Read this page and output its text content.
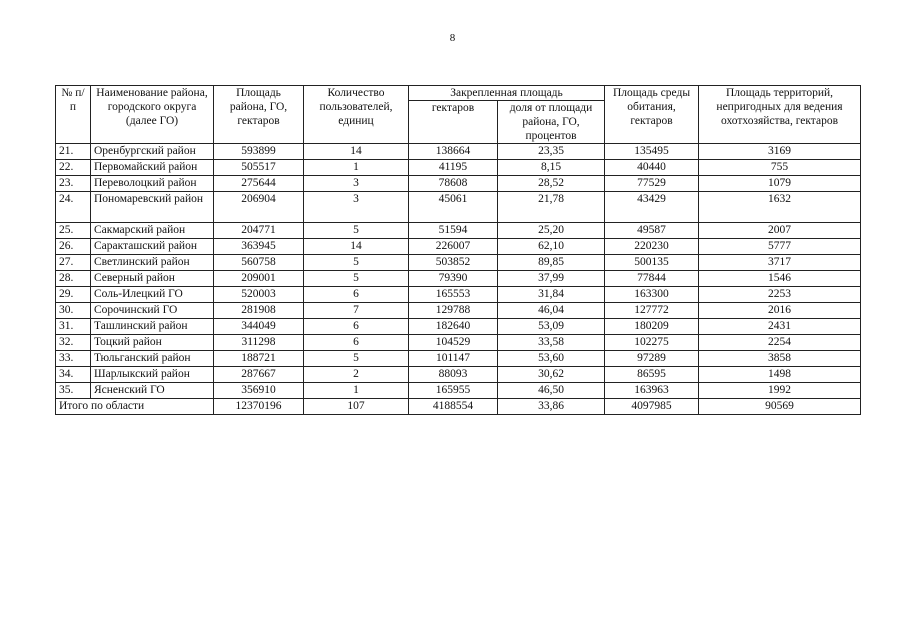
8
№ п/п	Наименование района, городского округа (далее ГО)	Площадь района, ГО, гектаров	Количество пользователей, единиц	Закрепленная площадь		Площадь среды обитания, гектаров	Площадь территорий, непригодных для ведения охотхозяйства, гектаров
				гектаров	доля от площади района, ГО, процентов		
21.	Оренбургский район	593899	14	138664	23,35	135495	3169
22.	Первомайский район	505517	1	41195	8,15	40440	755
23.	Переволоцкий район	275644	3	78608	28,52	77529	1079
24.	Пономаревский район	206904	3	45061	21,78	43429	1632
25.	Сакмарский район	204771	5	51594	25,20	49587	2007
26.	Саракташский район	363945	14	226007	62,10	220230	5777
27.	Светлинский район	560758	5	503852	89,85	500135	3717
28.	Северный район	209001	5	79390	37,99	77844	1546
29.	Соль-Илецкий ГО	520003	6	165553	31,84	163300	2253
30.	Сорочинский ГО	281908	7	129788	46,04	127772	2016
31.	Ташлинский район	344049	6	182640	53,09	180209	2431
32.	Тоцкий район	311298	6	104529	33,58	102275	2254
33.	Тюльганский район	188721	5	101147	53,60	97289	3858
34.	Шарлыкский район	287667	2	88093	30,62	86595	1498
35.	Ясненский ГО	356910	1	165955	46,50	163963	1992
Итого по области		12370196	107	4188554	33,86	4097985	90569
